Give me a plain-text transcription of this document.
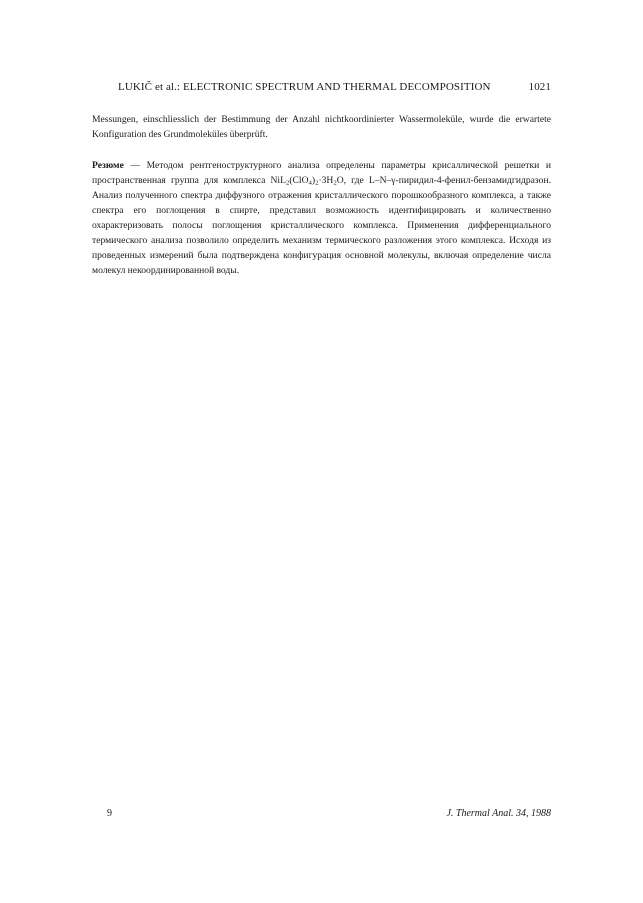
LUKIČ et al.: ELECTRONIC SPECTRUM AND THERMAL DECOMPOSITION	1021

Messungen, einschliesslich der Bestimmung der Anzahl nichtkoordinierter Wassermoleküle, wurde die erwartete Konfiguration des Grundmoleküles überprüft.

Резюме — Методом рентгеноструктурного анализа определены параметры крисаллической решетки и пространственная группа для комплекса $NiL_2(ClO_4)_2\cdot 3H_2O$, где L–N–γ-пиридил-4-фенил-бензамидгидразон. Анализ полученного спектра диффузного отражения кристаллического порошкообразного комплекса, а также спектра его поглощения в спирте, представил возможность идентифицировать и количественно охарактеризовать полосы поглощения кристаллического комплекса. Применения дифференциального термического анализа позволило определить механизм термического разложения этого комплекса. Исходя из проведенных измерений была подтверждена конфигурация основной молекулы, включая определение числа молекул некоординированной воды.

9	J. Thermal Anal. 34, 1988
